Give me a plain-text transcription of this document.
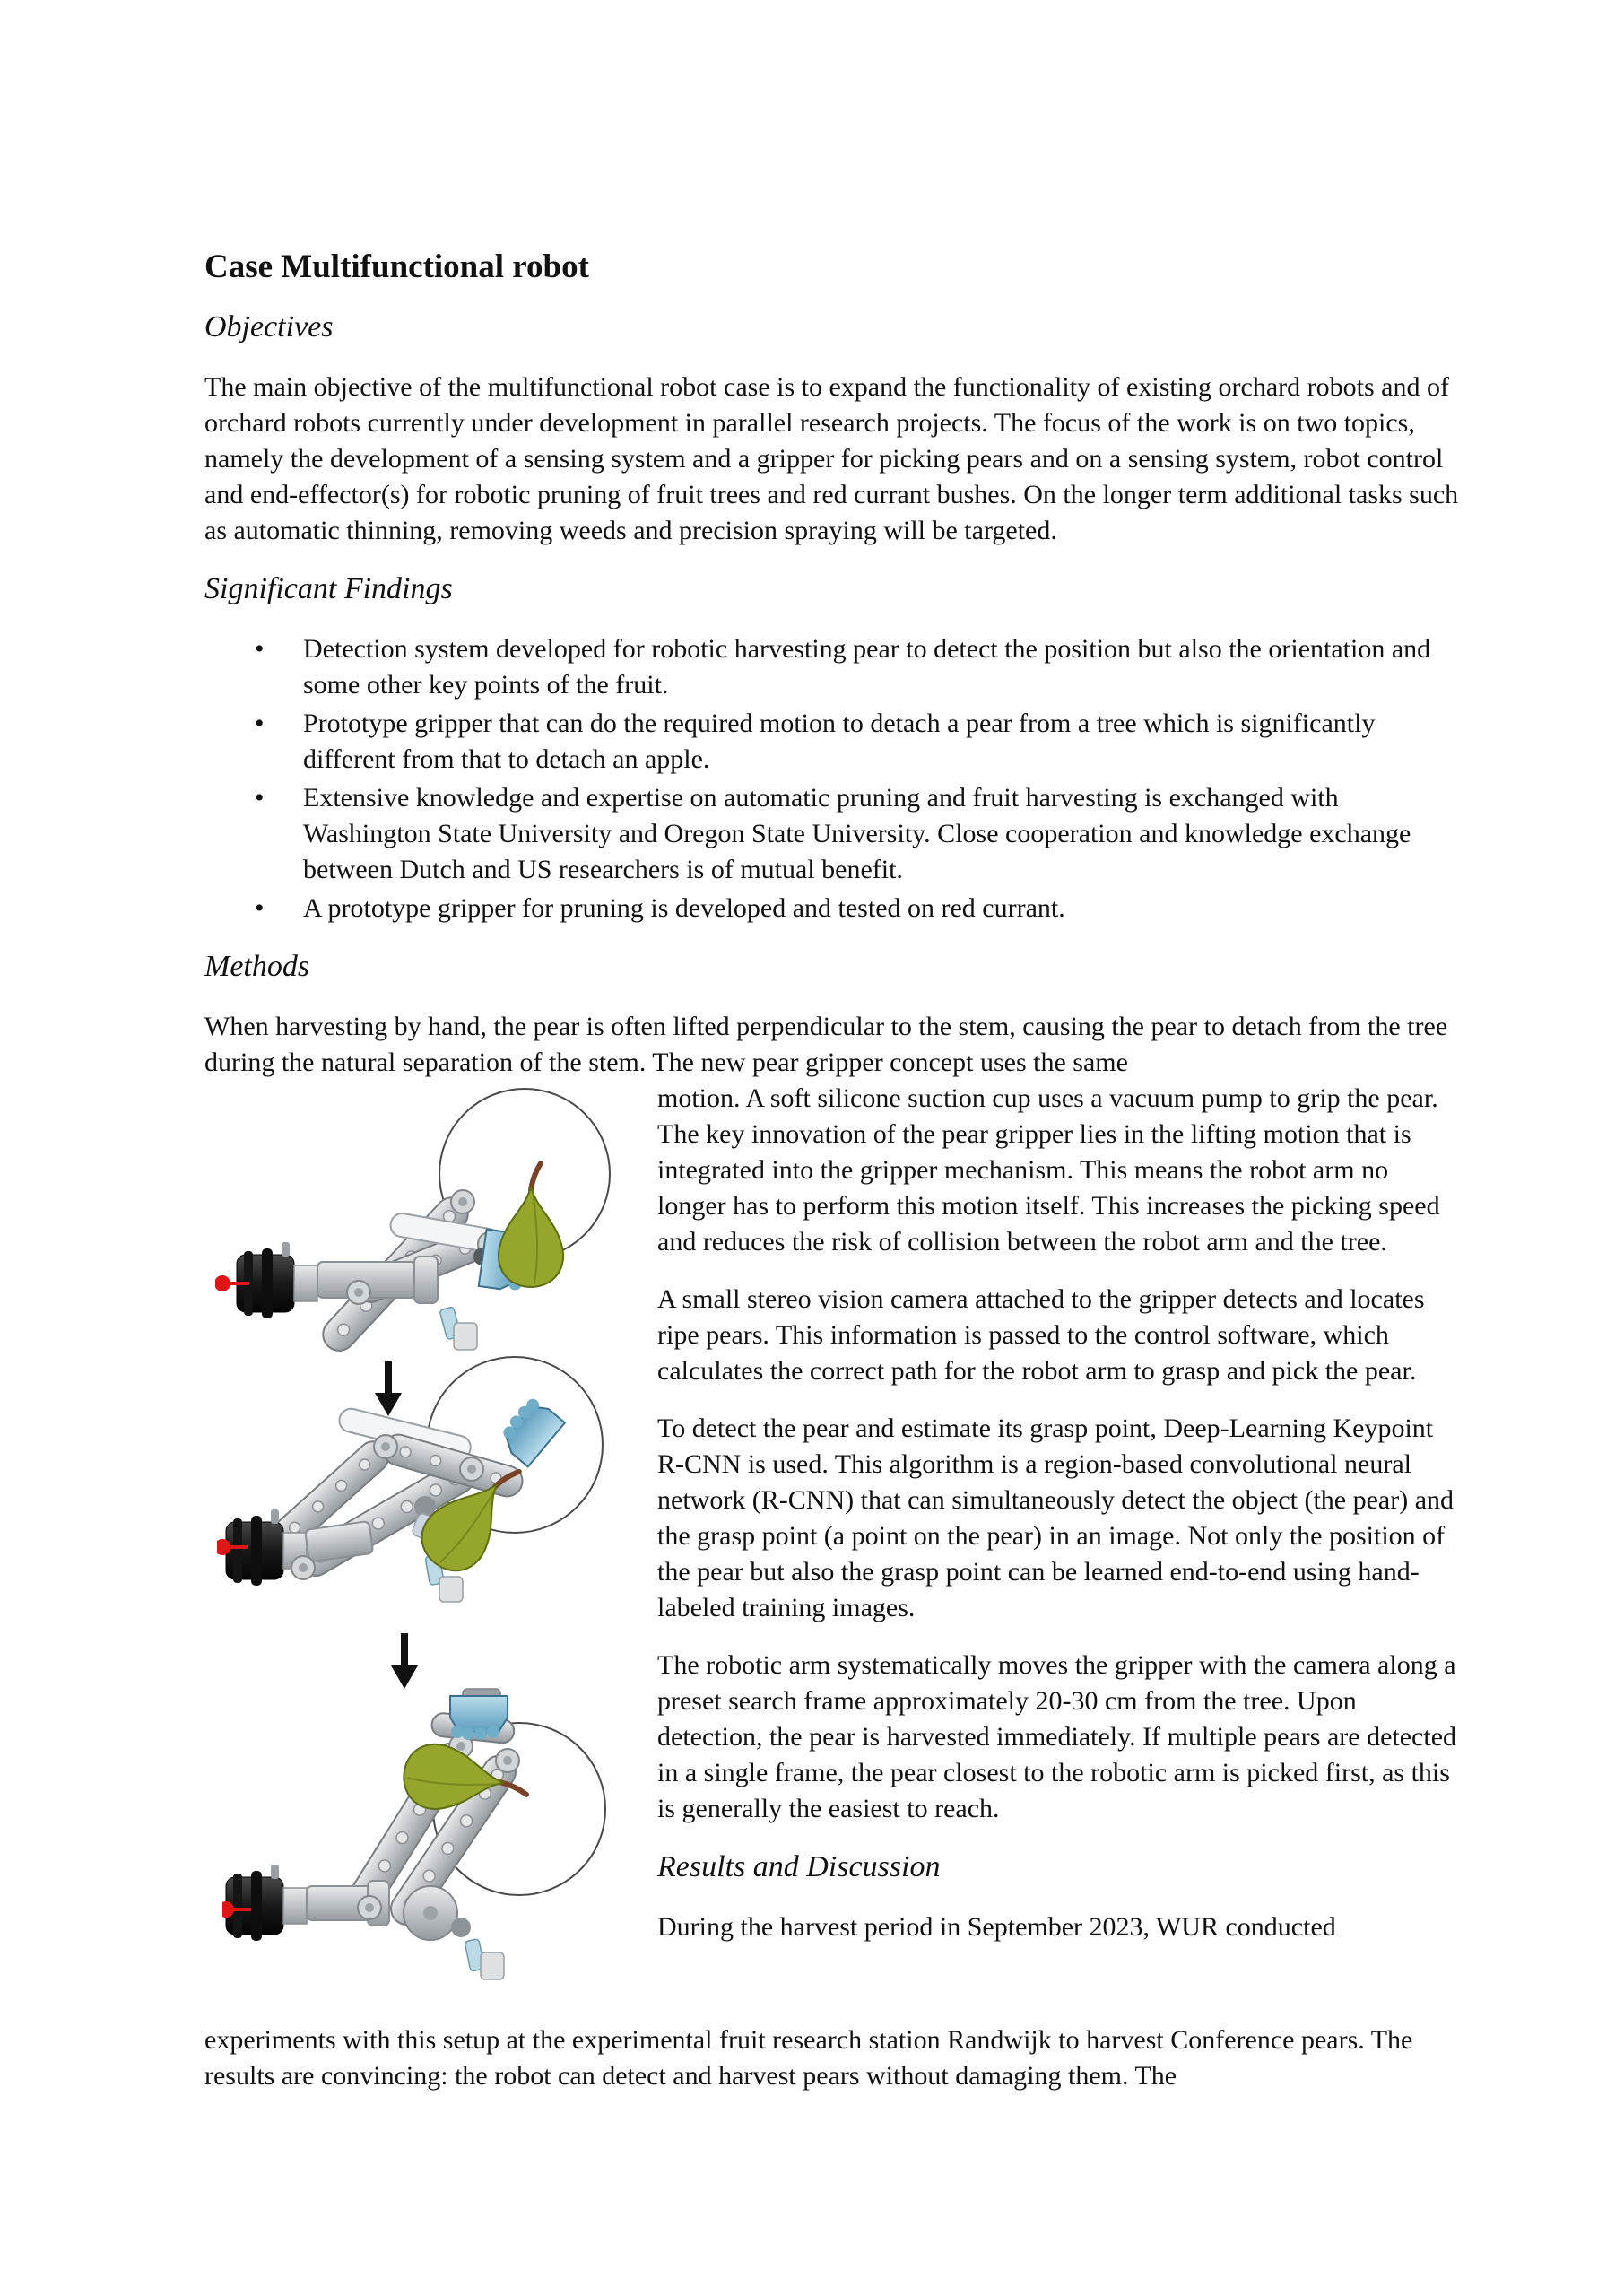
Case Multifunctional robot
Objectives

The main objective of the multifunctional robot case is to expand the functionality of existing orchard robots and of orchard robots currently under development in parallel research projects. The focus of the work is on two topics, namely the development of a sensing system and a gripper for picking pears and on a sensing system, robot control and end-effector(s) for robotic pruning of fruit trees and red currant bushes. On the longer term additional tasks such as automatic thinning, removing weeds and precision spraying will be targeted.

Significant Findings
• Detection system developed for robotic harvesting pear to detect the position but also the orientation and some other key points of the fruit.
• Prototype gripper that can do the required motion to detach a pear from a tree which is significantly different from that to detach an apple.
• Extensive knowledge and expertise on automatic pruning and fruit harvesting is exchanged with Washington State University and Oregon State University. Close cooperation and knowledge exchange between Dutch and US researchers is of mutual benefit.
• A prototype gripper for pruning is developed and tested on red currant.
Methods

When harvesting by hand, the pear is often lifted perpendicular to the stem, causing the pear to detach from the tree during the natural separation of the stem. The new pear gripper concept uses the same

motion. A soft silicone suction cup uses a vacuum pump to grip the pear. The key innovation of the pear gripper lies in the lifting motion that is integrated into the gripper mechanism. This means the robot arm no longer has to perform this motion itself. This increases the picking speed and reduces the risk of collision between the robot arm and the tree.

A small stereo vision camera attached to the gripper detects and locates ripe pears. This information is passed to the control software, which calculates the correct path for the robot arm to grasp and pick the pear.

To detect the pear and estimate its grasp point, Deep-Learning Keypoint R-CNN is used. This algorithm is a region-based convolutional neural network (R-CNN) that can simultaneously detect the object (the pear) and the grasp point (a point on the pear) in an image. Not only the position of the pear but also the grasp point can be learned end-to-end using hand-labeled training images.

The robotic arm systematically moves the gripper with the camera along a preset search frame approximately 20-30 cm from the tree. Upon detection, the pear is harvested immediately. If multiple pears are detected in a single frame, the pear closest to the robotic arm is picked first, as this is generally the easiest to reach.

Results and Discussion

During the harvest period in September 2023, WUR conducted

experiments with this setup at the experimental fruit research station Randwijk to harvest Conference pears. The results are convincing: the robot can detect and harvest pears without damaging them. The
